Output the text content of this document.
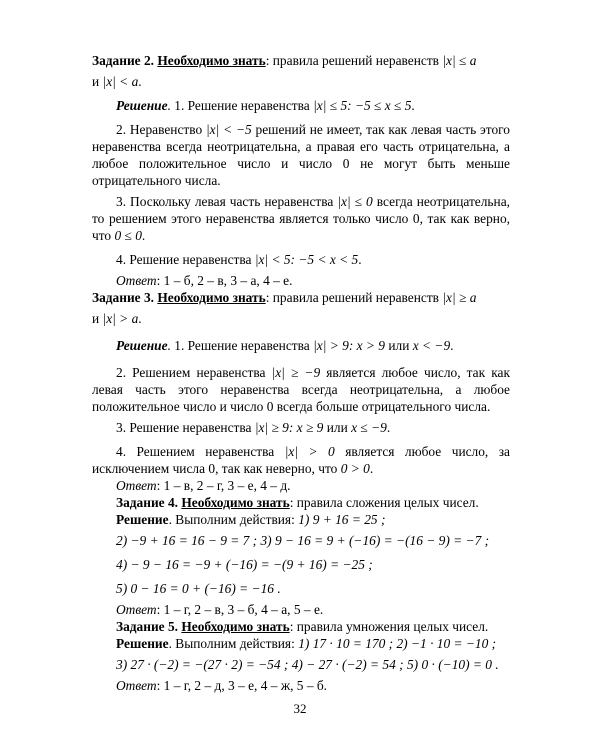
Задание 2. Необходимо знать: правила решений неравенств |x| ≤ a

и |x| < a.

Решение. 1. Решение неравенства |x| ≤ 5: −5 ≤ x ≤ 5.

2. Неравенство |x| < −5 решений не имеет, так как левая часть этого неравенства всегда неотрицательна, а правая его часть отрицательна, а любое положительное число и число 0 не могут быть меньше отрицательного числа.

3. Поскольку левая часть неравенства |x| ≤ 0 всегда неотрицательна, то решением этого неравенства является только число 0, так как верно, что 0 ≤ 0.

4. Решение неравенства |x| < 5: −5 < x < 5.

Ответ: 1 – б, 2 – в, 3 – а, 4 – е.

Задание 3. Необходимо знать: правила решений неравенств |x| ≥ a

и |x| > a.

Решение. 1. Решение неравенства |x| > 9: x > 9 или x < −9.

2. Решением неравенства |x| ≥ −9 является любое число, так как левая часть этого неравенства всегда неотрицательна, а любое положительное число и число 0 всегда больше отрицательного числа.

3. Решение неравенства |x| ≥ 9: x ≥ 9 или x ≤ −9.

4. Решением неравенства |x| > 0 является любое число, за исключением числа 0, так как неверно, что 0 > 0.

Ответ: 1 – в, 2 – г, 3 – е, 4 – д.

Задание 4. Необходимо знать: правила сложения целых чисел.

Решение. Выполним действия: 1) 9 + 16 = 25 ;

2) −9 + 16 = 16 − 9 = 7 ; 3) 9 − 16 = 9 + (−16) = −(16 − 9) = −7 ;

4) − 9 − 16 = −9 + (−16) = −(9 + 16) = −25 ;

5) 0 − 16 = 0 + (−16) = −16 .

Ответ: 1 – г, 2 – в, 3 – б, 4 – а, 5 – е.

Задание 5. Необходимо знать: правила умножения целых чисел.

Решение. Выполним действия: 1) 17 · 10 = 170 ; 2) −1 · 10 = −10 ;

3) 27 · (−2) = −(27 · 2) = −54 ; 4) − 27 · (−2) = 54 ; 5) 0 · (−10) = 0 .

Ответ: 1 – г, 2 – д, 3 – е, 4 – ж, 5 – б.

32
